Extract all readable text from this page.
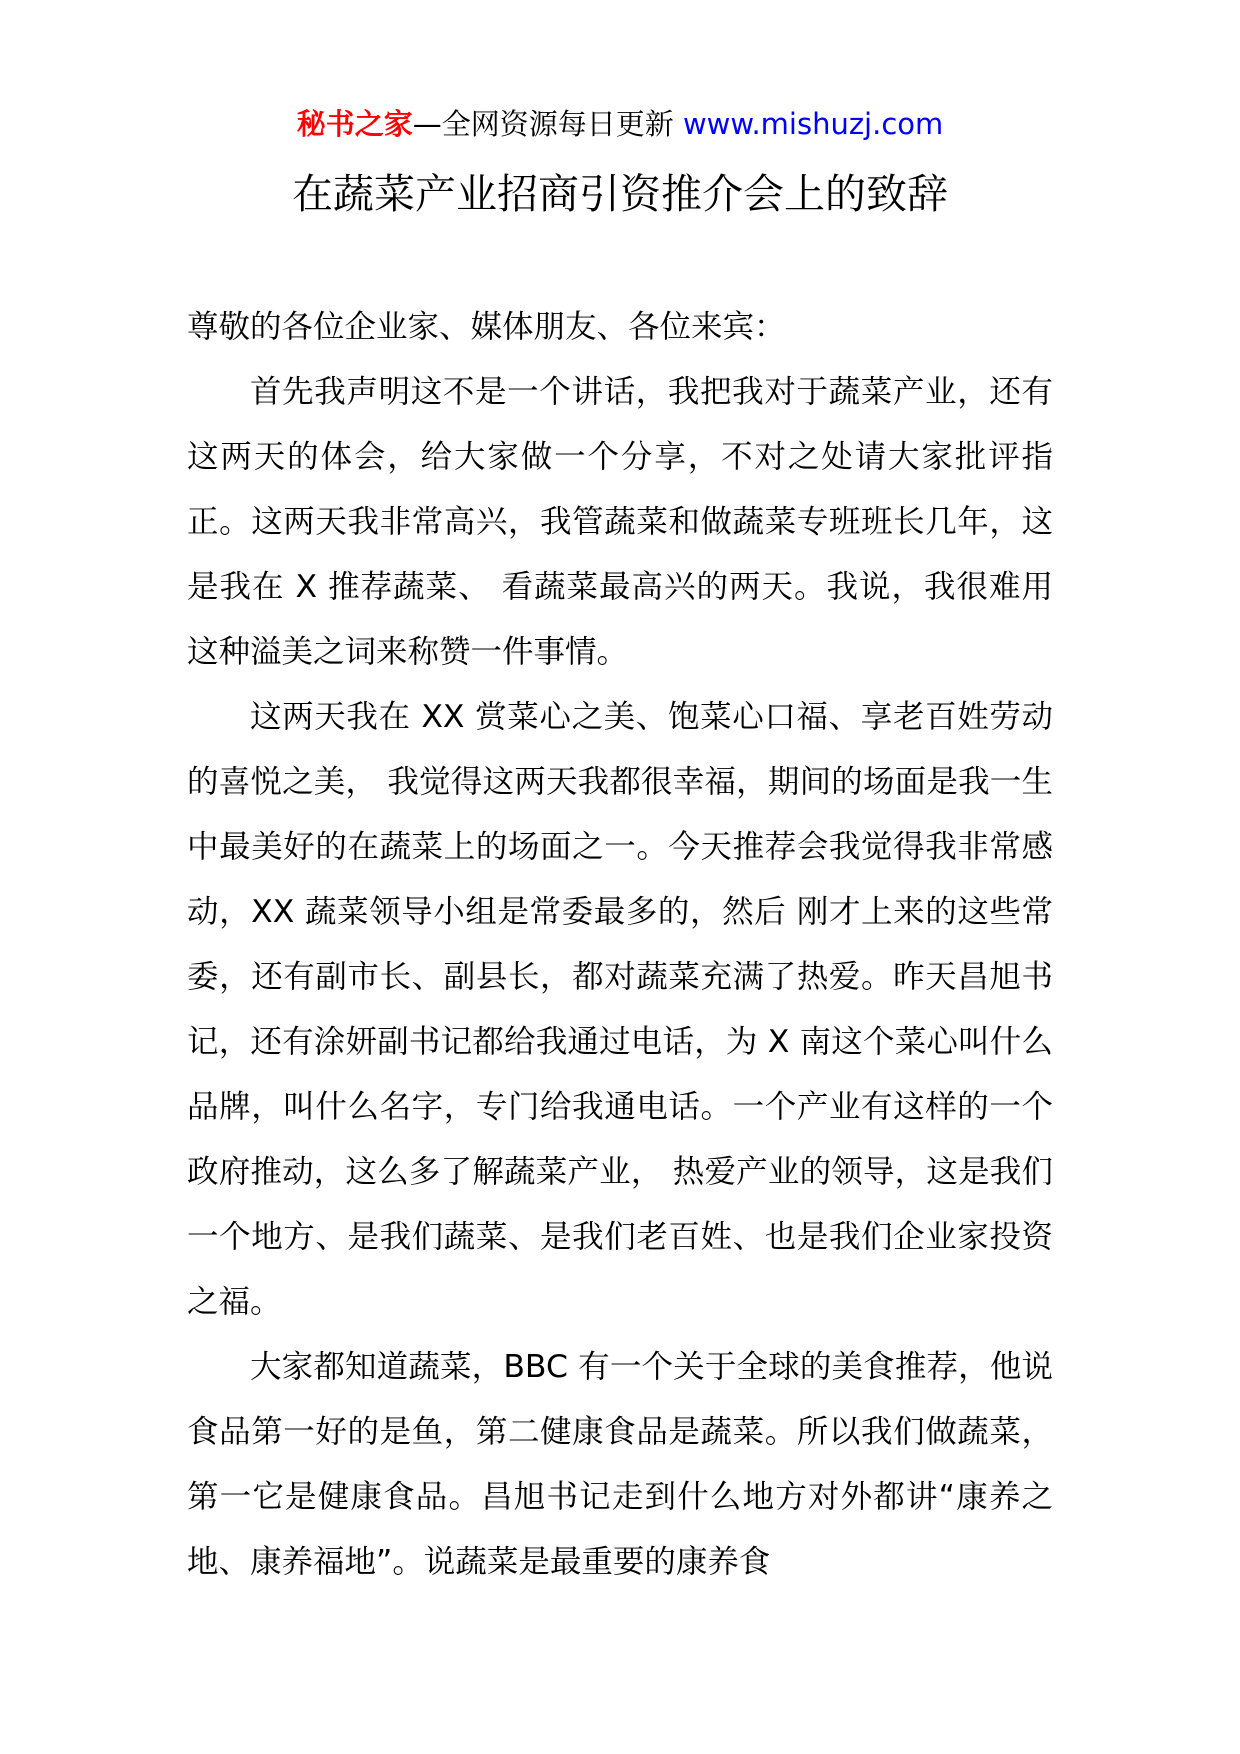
秘书之家—全网资源每日更新 www.mishuzj.com
在蔬菜产业招商引资推介会上的致辞

尊敬的各位企业家、媒体朋友、各位来宾：

首先我声明这不是一个讲话，我把我对于蔬菜产业，还有这两天的体会，给大家做一个分享，不对之处请大家批评指正。这两天我非常高兴，我管蔬菜和做蔬菜专班班长几年，这是我在 X 推荐蔬菜、 看蔬菜最高兴的两天。我说，我很难用这种溢美之词来称赞一件事情。

这两天我在 XX 赏菜心之美、饱菜心口福、享老百姓劳动的喜悦之美， 我觉得这两天我都很幸福，期间的场面是我一生中最美好的在蔬菜上的场面之一。今天推荐会我觉得我非常感动，XX 蔬菜领导小组是常委最多的，然后 刚才上来的这些常委，还有副市长、副县长，都对蔬菜充满了热爱。昨天昌旭书记，还有涂妍副书记都给我通过电话，为 X 南这个菜心叫什么品牌，叫什么名字，专门给我通电话。一个产业有这样的一个政府推动，这么多了解蔬菜产业， 热爱产业的领导，这是我们一个地方、是我们蔬菜、是我们老百姓、也是我们企业家投资之福。

大家都知道蔬菜，BBC 有一个关于全球的美食推荐，他说食品第一好的是鱼，第二健康食品是蔬菜。所以我们做蔬菜，第一它是健康食品。昌旭书记走到什么地方对外都讲“康养之地、康养福地”。说蔬菜是最重要的康养食
